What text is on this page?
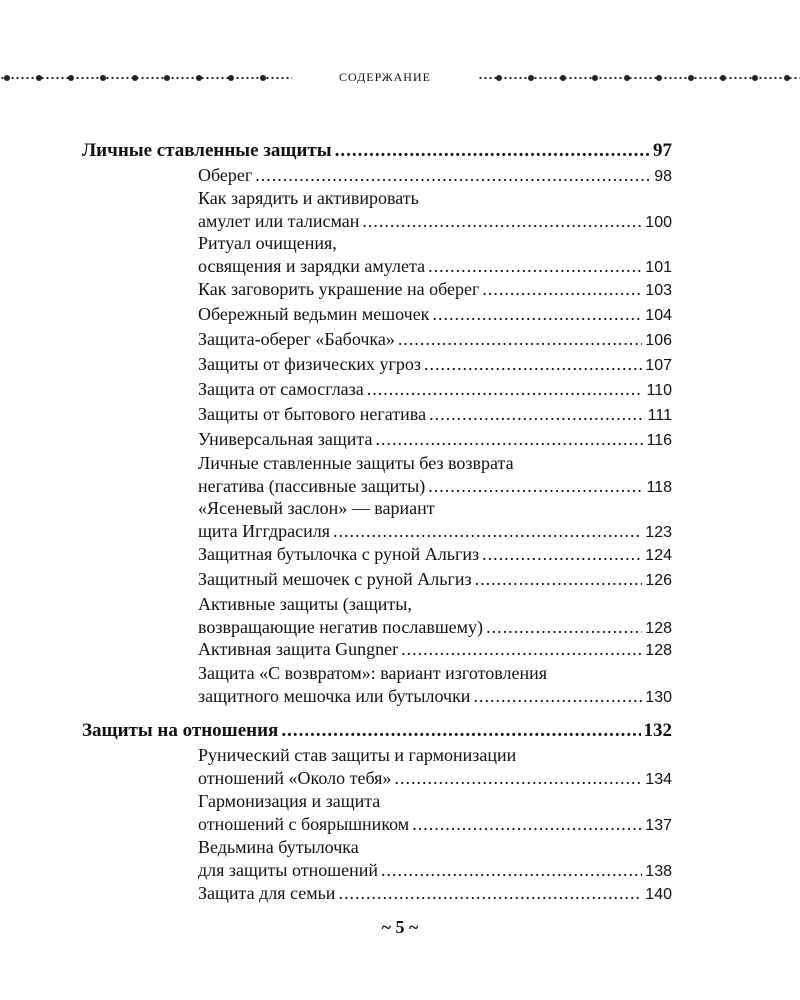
СОДЕРЖАНИЕ
Личные ставленные защиты .....	97
Оберег .....	98
Как зарядить и активировать
амулет или талисман .....	100
Ритуал очищения,
освящения и зарядки амулета .....	101
Как заговорить украшение на оберег .....	103
Обережный ведьмин мешочек .....	104
Защита-оберег «Бабочка» .....	106
Защиты от физических угроз .....	107
Защита от самосглаза .....	110
Защиты от бытового негатива .....	111
Универсальная защита .....	116
Личные ставленные защиты без возврата
негатива (пассивные защиты) .....	118
«Ясеневый заслон» — вариант
щита Иггдрасиля .....	123
Защитная бутылочка с руной Альгиз .....	124
Защитный мешочек с руной Альгиз .....	126
Активные защиты (защиты,
возвращающие негатив пославшему) .....	128
Активная защита Gungner .....	128
Защита «С возвратом»: вариант изготовления
защитного мешочка или бутылочки .....	130
Защиты на отношения .....	132
Рунический став защиты и гармонизации
отношений «Около тебя» .....	134
Гармонизация и защита
отношений с боярышником .....	137
Ведьмина бутылочка
для защиты отношений .....	138
Защита для семьи .....	140
~ 5 ~
